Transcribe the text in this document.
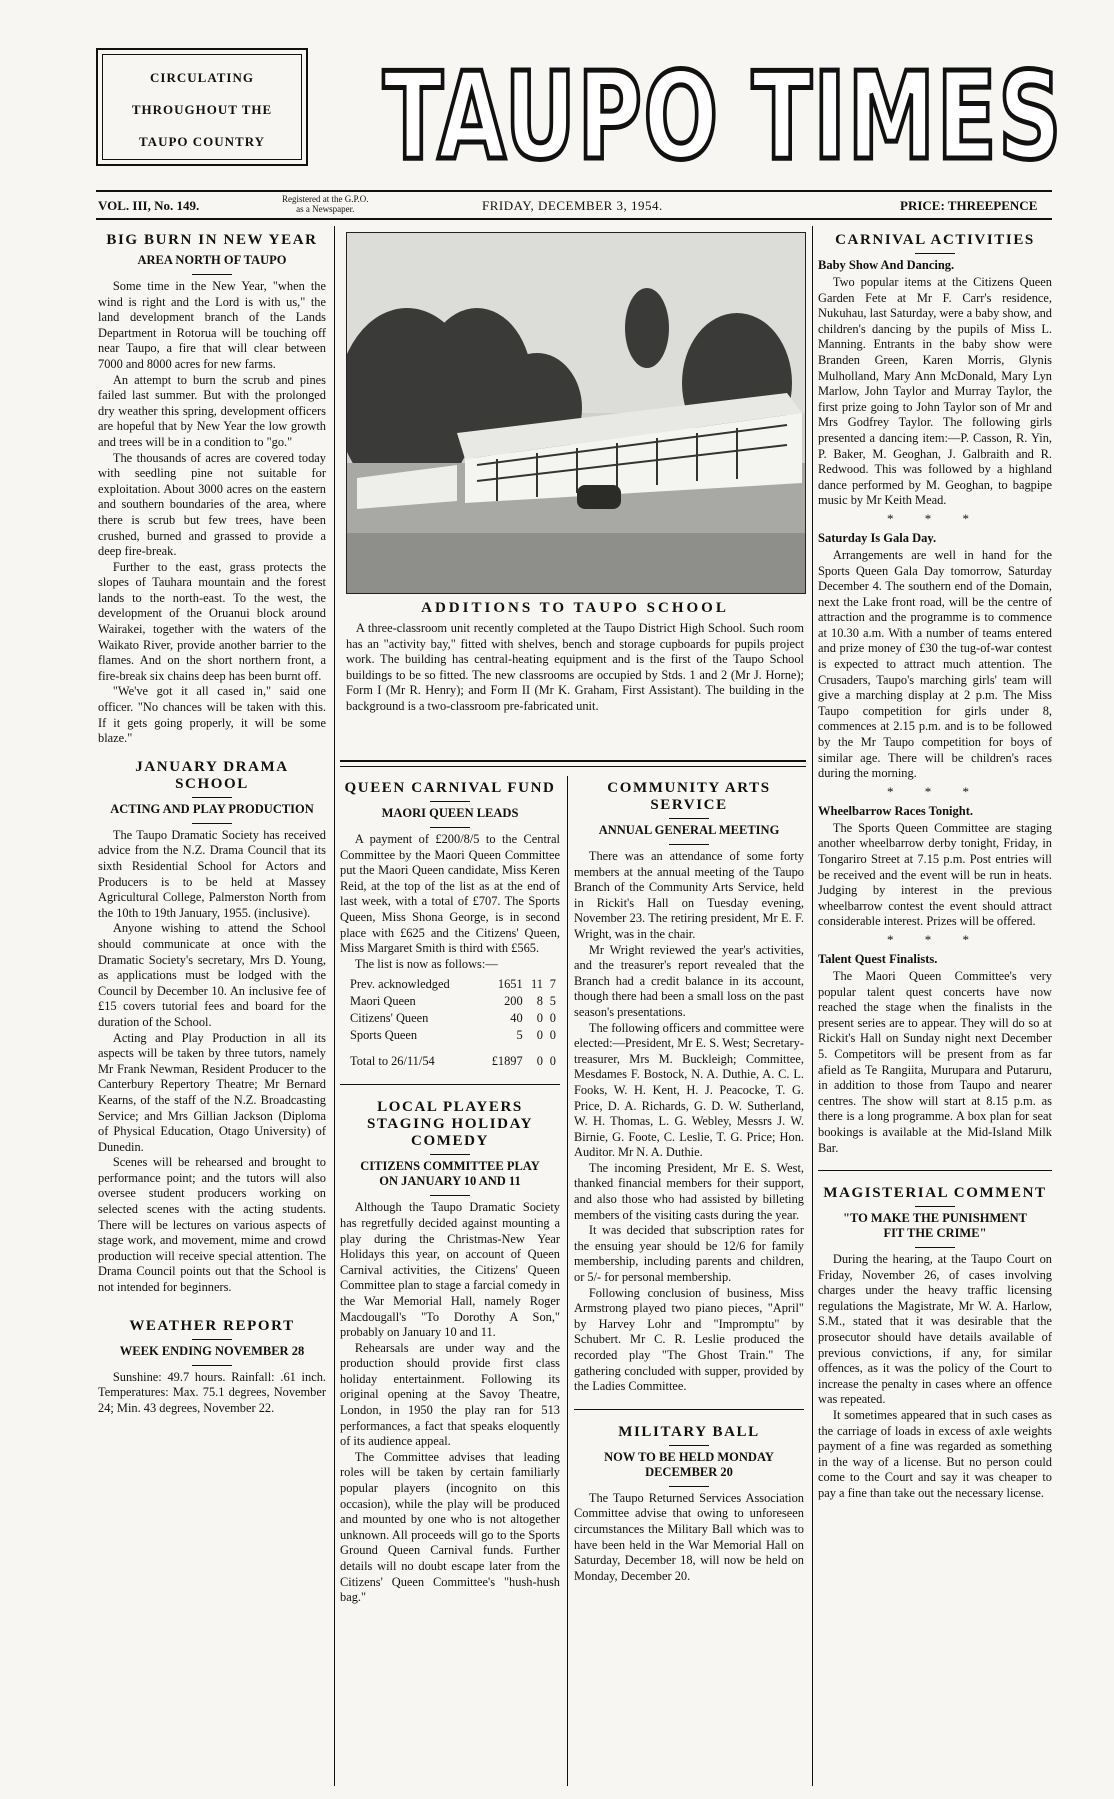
CIRCULATING
THROUGHOUT THE
TAUPO COUNTRY TAUPO TIMES
VOL. III, No. 149.	Registered at the G.P.O.
as a Newspaper.	FRIDAY, DECEMBER 3, 1954.	PRICE: THREEPENCE
BIG BURN IN NEW YEAR
AREA NORTH OF TAUPO

Some time in the New Year, "when the wind is right and the Lord is with us," the land development branch of the Lands Department in Rotorua will be touching off near Taupo, a fire that will clear between 7000 and 8000 acres for new farms.

An attempt to burn the scrub and pines failed last summer. But with the prolonged dry weather this spring, development officers are hopeful that by New Year the low growth and trees will be in a condition to "go."

The thousands of acres are covered today with seedling pine not suitable for exploitation. About 3000 acres on the eastern and southern boundaries of the area, where there is scrub but few trees, have been crushed, burned and grassed to provide a deep fire-break.

Further to the east, grass protects the slopes of Tauhara mountain and the forest lands to the north-east. To the west, the development of the Oruanui block around Wairakei, together with the waters of the Waikato River, provide another barrier to the flames. And on the short northern front, a fire-break six chains deep has been burnt off.

"We've got it all cased in," said one officer. "No chances will be taken with this. If it gets going properly, it will be some blaze."

JANUARY DRAMA SCHOOL
ACTING AND PLAY PRODUCTION

The Taupo Dramatic Society has received advice from the N.Z. Drama Council that its sixth Residential School for Actors and Producers is to be held at Massey Agricultural College, Palmerston North from the 10th to 19th January, 1955. (inclusive).

Anyone wishing to attend the School should communicate at once with the Dramatic Society's secretary, Mrs D. Young, as applications must be lodged with the Council by December 10. An inclusive fee of £15 covers tutorial fees and board for the duration of the School.

Acting and Play Production in all its aspects will be taken by three tutors, namely Mr Frank Newman, Resident Producer to the Canterbury Repertory Theatre; Mr Bernard Kearns, of the staff of the N.Z. Broadcasting Service; and Mrs Gillian Jackson (Diploma of Physical Education, Otago University) of Dunedin.

Scenes will be rehearsed and brought to performance point; and the tutors will also oversee student producers working on selected scenes with the acting students. There will be lectures on various aspects of stage work, and movement, mime and crowd production will receive special attention. The Drama Council points out that the School is not intended for beginners.

WEATHER REPORT
WEEK ENDING NOVEMBER 28

Sunshine: 49.7 hours. Rainfall: .61 inch. Temperatures: Max. 75.1 degrees, November 24; Min. 43 degrees, November 22.

ADDITIONS TO TAUPO SCHOOL

A three-classroom unit recently completed at the Taupo District High School. Such room has an "activity bay," fitted with shelves, bench and storage cupboards for pupils project work. The building has central-heating equipment and is the first of the Taupo School buildings to be so fitted. The new classrooms are occupied by Stds. 1 and 2 (Mr J. Horne); Form I (Mr R. Henry); and Form II (Mr K. Graham, First Assistant). The building in the background is a two-classroom pre-fabricated unit.

QUEEN CARNIVAL FUND
MAORI QUEEN LEADS

A payment of £200/8/5 to the Central Committee by the Maori Queen Committee put the Maori Queen candidate, Miss Keren Reid, at the top of the list as at the end of last week, with a total of £707. The Sports Queen, Miss Shona George, is in second place with £625 and the Citizens' Queen, Miss Margaret Smith is third with £565.

The list is now as follows:—

Prev. acknowledged	1651	11	7
Maori Queen	200	8	5
Citizens' Queen	40	0	0
Sports Queen	5	0	0
Total to 26/11/54	£1897	0	0
LOCAL PLAYERS STAGING HOLIDAY COMEDY
CITIZENS COMMITTEE PLAY ON JANUARY 10 AND 11

Although the Taupo Dramatic Society has regretfully decided against mounting a play during the Christmas-New Year Holidays this year, on account of Queen Carnival activities, the Citizens' Queen Committee plan to stage a farcial comedy in the War Memorial Hall, namely Roger Macdougall's "To Dorothy A Son," probably on January 10 and 11.

Rehearsals are under way and the production should provide first class holiday entertainment. Following its original opening at the Savoy Theatre, London, in 1950 the play ran for 513 performances, a fact that speaks eloquently of its audience appeal.

The Committee advises that leading roles will be taken by certain familiarly popular players (incognito on this occasion), while the play will be produced and mounted by one who is not altogether unknown. All proceeds will go to the Sports Ground Queen Carnival funds. Further details will no doubt escape later from the Citizens' Queen Committee's "hush-hush bag."

COMMUNITY ARTS SERVICE
ANNUAL GENERAL MEETING

There was an attendance of some forty members at the annual meeting of the Taupo Branch of the Community Arts Service, held in Rickit's Hall on Tuesday evening, November 23. The retiring president, Mr E. F. Wright, was in the chair.

Mr Wright reviewed the year's activities, and the treasurer's report revealed that the Branch had a credit balance in its account, though there had been a small loss on the past season's presentations.

The following officers and committee were elected:—President, Mr E. S. West; Secretary-treasurer, Mrs M. Buckleigh; Committee, Mesdames F. Bostock, N. A. Duthie, A. C. L. Fooks, W. H. Kent, H. J. Peacocke, T. G. Price, D. A. Richards, G. D. W. Sutherland, W. H. Thomas, L. G. Webley, Messrs J. W. Birnie, G. Foote, C. Leslie, T. G. Price; Hon. Auditor. Mr N. A. Duthie.

The incoming President, Mr E. S. West, thanked financial members for their support, and also those who had assisted by billeting members of the visiting casts during the year.

It was decided that subscription rates for the ensuing year should be 12/6 for family membership, including parents and children, or 5/- for personal membership.

Following conclusion of business, Miss Armstrong played two piano pieces, "April" by Harvey Lohr and "Impromptu" by Schubert. Mr C. R. Leslie produced the recorded play "The Ghost Train." The gathering concluded with supper, provided by the Ladies Committee.

MILITARY BALL
NOW TO BE HELD MONDAY DECEMBER 20

The Taupo Returned Services Association Committee advise that owing to unforeseen circumstances the Military Ball which was to have been held in the War Memorial Hall on Saturday, December 18, will now be held on Monday, December 20.

CARNIVAL ACTIVITIES
Baby Show And Dancing.

Two popular items at the Citizens Queen Garden Fete at Mr F. Carr's residence, Nukuhau, last Saturday, were a baby show, and children's dancing by the pupils of Miss L. Manning. Entrants in the baby show were Branden Green, Karen Morris, Glynis Mulholland, Mary Ann McDonald, Mary Lyn Marlow, John Taylor and Murray Taylor, the first prize going to John Taylor son of Mr and Mrs Godfrey Taylor. The following girls presented a dancing item:—P. Casson, R. Yin, P. Baker, M. Geoghan, J. Galbraith and R. Redwood. This was followed by a highland dance performed by M. Geoghan, to bagpipe music by Mr Keith Mead.

* * *
Saturday Is Gala Day.

Arrangements are well in hand for the Sports Queen Gala Day tomorrow, Saturday December 4. The southern end of the Domain, next the Lake front road, will be the centre of attraction and the programme is to commence at 10.30 a.m. With a number of teams entered and prize money of £30 the tug-of-war contest is expected to attract much attention. The Crusaders, Taupo's marching girls' team will give a marching display at 2 p.m. The Miss Taupo competition for girls under 8, commences at 2.15 p.m. and is to be followed by the Mr Taupo competition for boys of similar age. There will be children's races during the morning.

* * *
Wheelbarrow Races Tonight.

The Sports Queen Committee are staging another wheelbarrow derby tonight, Friday, in Tongariro Street at 7.15 p.m. Post entries will be received and the event will be run in heats. Judging by interest in the previous wheelbarrow contest the event should attract considerable interest. Prizes will be offered.

* * *
Talent Quest Finalists.

The Maori Queen Committee's very popular talent quest concerts have now reached the stage when the finalists in the present series are to appear. They will do so at Rickit's Hall on Sunday night next December 5. Competitors will be present from as far afield as Te Rangiita, Murupara and Putaruru, in addition to those from Taupo and nearer centres. The show will start at 8.15 p.m. as there is a long programme. A box plan for seat bookings is available at the Mid-Island Milk Bar.

MAGISTERIAL COMMENT
"TO MAKE THE PUNISHMENT FIT THE CRIME"

During the hearing, at the Taupo Court on Friday, November 26, of cases involving charges under the heavy traffic licensing regulations the Magistrate, Mr W. A. Harlow, S.M., stated that it was desirable that the prosecutor should have details available of previous convictions, if any, for similar offences, as it was the policy of the Court to increase the penalty in cases where an offence was repeated.

It sometimes appeared that in such cases as the carriage of loads in excess of axle weights payment of a fine was regarded as something in the way of a license. But no person could come to the Court and say it was cheaper to pay a fine than take out the necessary license.
